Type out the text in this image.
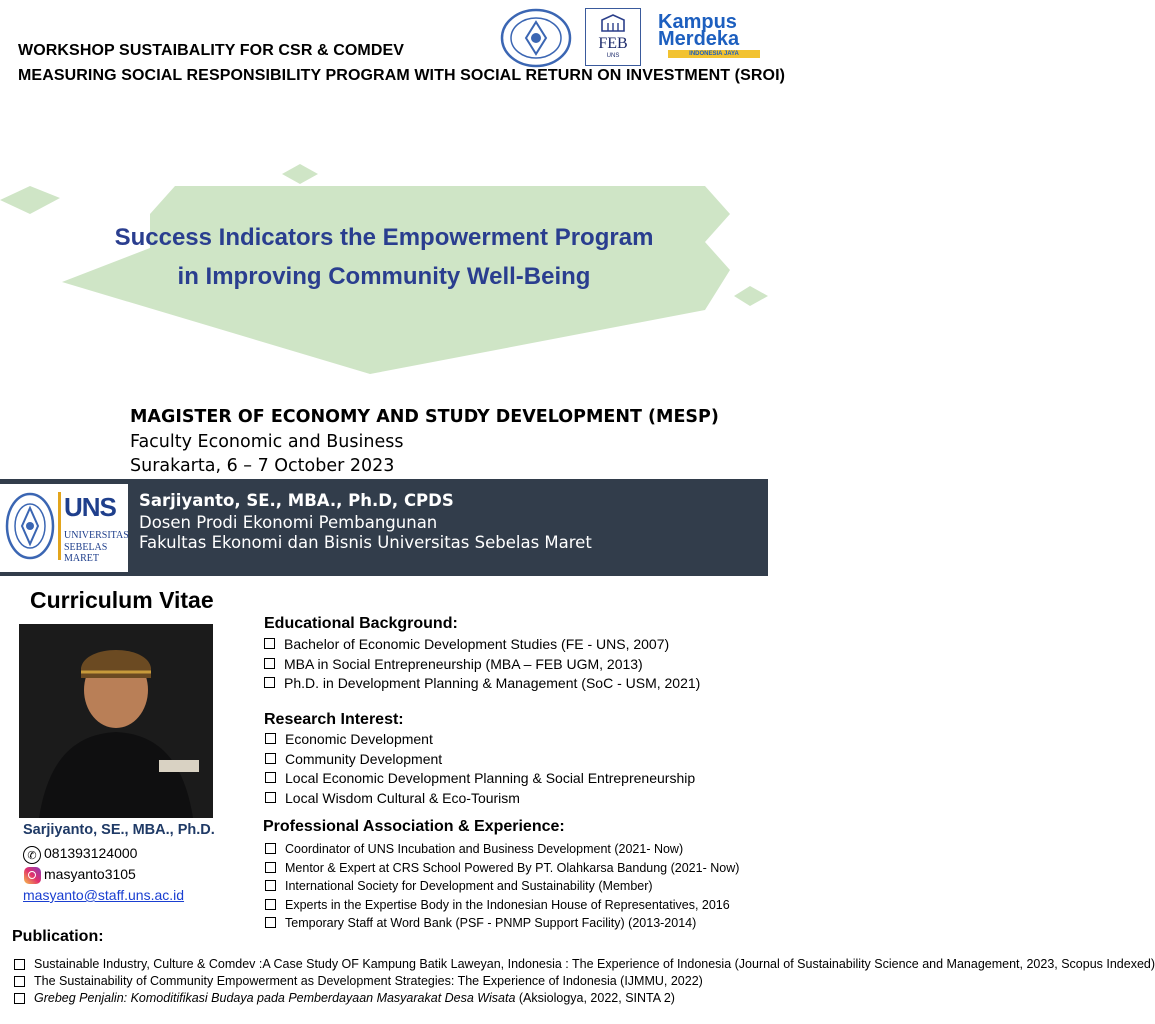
WORKSHOP SUSTAIBALITY FOR CSR & COMDEV
MEASURING SOCIAL RESPONSIBILITY PROGRAM WITH SOCIAL RETURN ON INVESTMENT (SROI)
FEB
UNS
Kampus
Merdeka
INDONESIA JAYA
Success Indicators the Empowerment Program
in Improving Community Well-Being
MAGISTER OF ECONOMY AND STUDY DEVELOPMENT (MESP)
Faculty Economic and Business
Surakarta, 6 – 7 October 2023
UNS
UNIVERSITAS
SEBELAS MARET
Sarjiyanto, SE., MBA., Ph.D, CPDS
Dosen Prodi Ekonomi Pembangunan
Fakultas Ekonomi dan Bisnis Universitas Sebelas Maret
Curriculum Vitae
Sarjiyanto, SE., MBA., Ph.D.
✆ 081393124000
masyanto3105
masyanto@staff.uns.ac.id
Educational Background:
Bachelor of Economic Development Studies (FE - UNS, 2007)
MBA in Social Entrepreneurship (MBA – FEB UGM, 2013)
Ph.D. in Development Planning & Management (SoC - USM, 2021)
Research Interest:
Economic Development
Community Development
Local Economic Development Planning & Social Entrepreneurship
Local Wisdom Cultural & Eco-Tourism
Professional Association & Experience:
Coordinator of UNS Incubation and Business Development (2021- Now)
Mentor & Expert at CRS School Powered By PT. Olahkarsa Bandung (2021- Now)
International Society for Development and Sustainability (Member)
Experts in the Expertise Body in the Indonesian House of Representatives, 2016
Temporary Staff at Word Bank (PSF - PNMP Support Facility) (2013-2014)
Publication:
Sustainable Industry, Culture & Comdev :A Case Study OF Kampung Batik Laweyan, Indonesia : The Experience of Indonesia (Journal of Sustainability Science and Management, 2023, Scopus Indexed)
The Sustainability of Community Empowerment as Development Strategies: The Experience of Indonesia (IJMMU, 2022)
Grebeg Penjalin: Komoditifikasi Budaya pada Pemberdayaan Masyarakat Desa Wisata (Aksiologya, 2022, SINTA 2)
